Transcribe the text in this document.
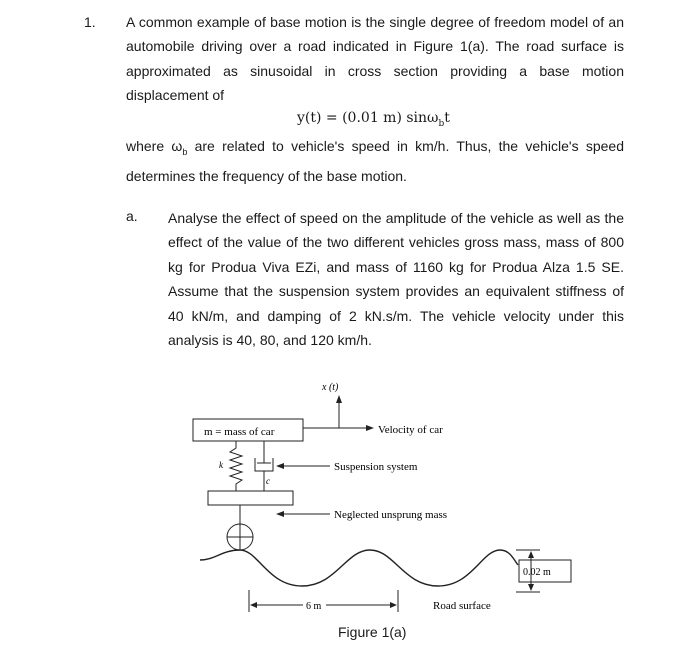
1. A common example of base motion is the single degree of freedom model of an automobile driving over a road indicated in Figure 1(a). The road surface is approximated as sinusoidal in cross section providing a base motion displacement of
y(t) = (0.01 m) sinω$_b$t
where $\omega_b$ are related to vehicle's speed in km/h. Thus, the vehicle's speed determines the frequency of the base motion.
a. Analyse the effect of speed on the amplitude of the vehicle as well as the effect of the value of the two different vehicles gross mass, mass of 800 kg for Produa Viva EZi, and mass of 1160 kg for Produa Alza 1.5 SE. Assume that the suspension system provides an equivalent stiffness of 40 kN/m, and damping of 2 kN.s/m. The vehicle velocity under this analysis is 40, 80, and 120 km/h.
x (t)
m = mass of car	Velocity of car
k
c
Suspension system
Neglected unsprung mass
0.02 m
6 m	Road surface
Figure 1(a)
